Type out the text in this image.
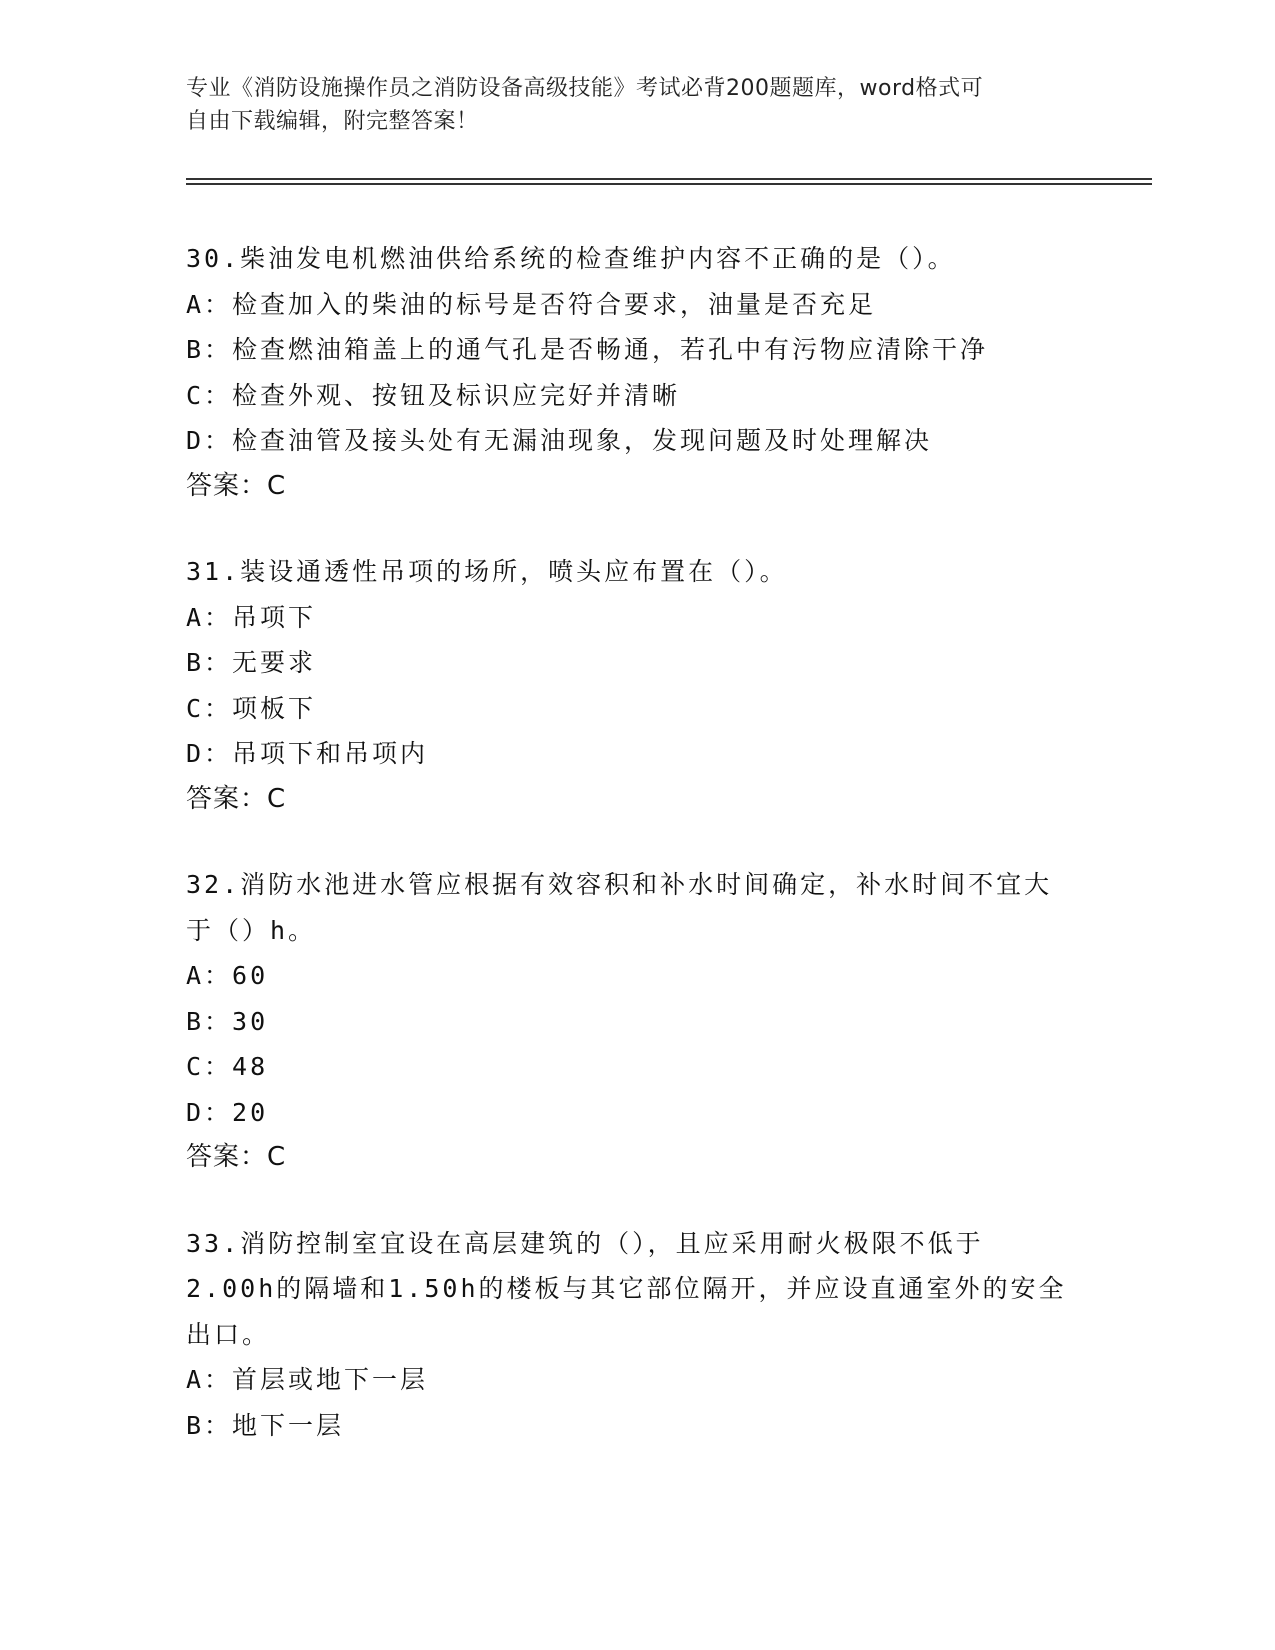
专业《消防设施操作员之消防设备高级技能》考试必背200题题库，word格式可
自由下载编辑，附完整答案！
30.柴油发电机燃油供给系统的检查维护内容不正确的是（）。
A：检查加入的柴油的标号是否符合要求，油量是否充足
B：检查燃油箱盖上的通气孔是否畅通，若孔中有污物应清除干净
C：检查外观、按钮及标识应完好并清晰
D：检查油管及接头处有无漏油现象，发现问题及时处理解决
答案：C
31.装设通透性吊项的场所，喷头应布置在（）。
A：吊项下
B：无要求
C：项板下
D：吊项下和吊项内
答案：C
32.消防水池进水管应根据有效容积和补水时间确定，补水时间不宜大
于（）h。
A：60
B：30
C：48
D：20
答案：C
33.消防控制室宜设在高层建筑的（），且应采用耐火极限不低于
2.00h的隔墙和1.50h的楼板与其它部位隔开，并应设直通室外的安全
出口。
A：首层或地下一层
B：地下一层
